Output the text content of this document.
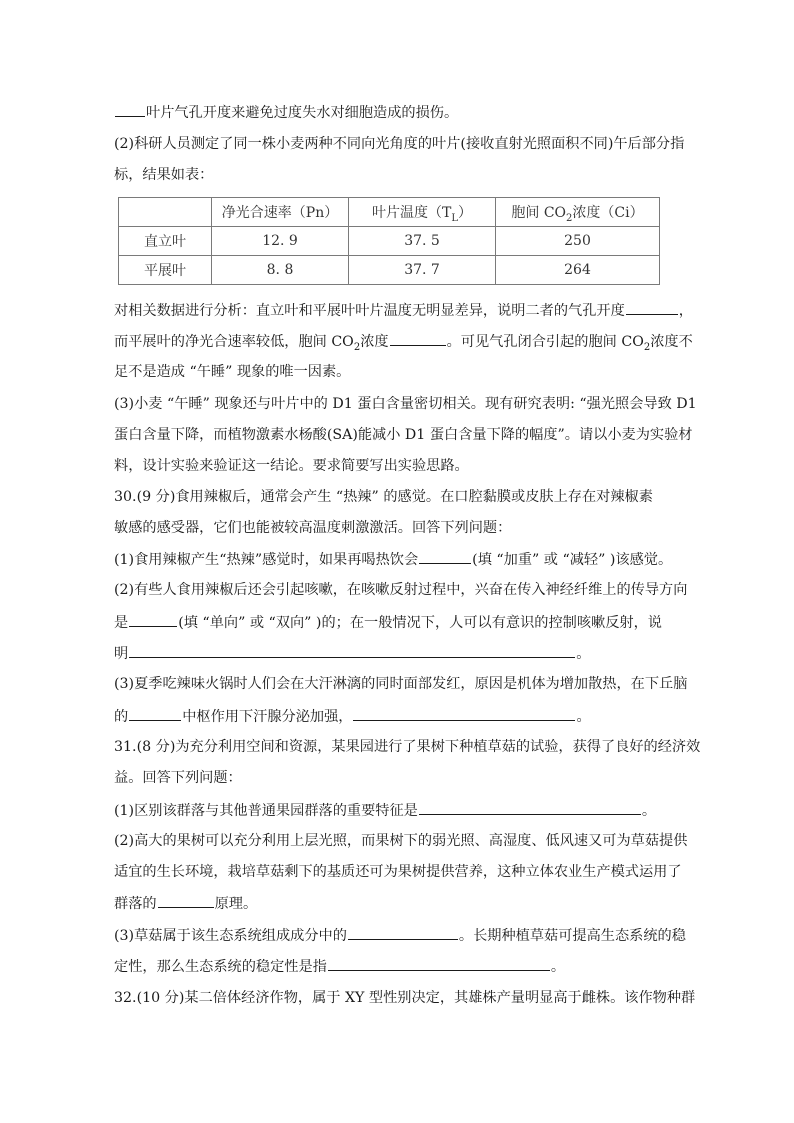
叶片气孔开度来避免过度失水对细胞造成的损伤。
(2)科研人员测定了同一株小麦两种不同向光角度的叶片(接收直射光照面积不同)午后部分指
标，结果如表：
	净光合速率（Pn）	叶片温度$(T_L)$	胞间 $CO_2$浓度（Ci）
直立叶	12. 9	37. 5	250
平展叶	8. 8	37. 7	264
对相关数据进行分析：直立叶和平展叶叶片温度无明显差异，说明二者的气孔开度	，
而平展叶的净光合速率较低，胞间 $CO_2$浓度	。可见气孔闭合引起的胞间 $CO_2$浓度不
足不是造成 “午睡” 现象的唯一因素。
(3)小麦 “午睡” 现象还与叶片中的 D1 蛋白含量密切相关。现有研究表明: “强光照会导致 D1
蛋白含量下降，而植物激素水杨酸(SA)能减小 D1 蛋白含量下降的幅度”。请以小麦为实验材
料，设计实验来验证这一结论。要求简要写出实验思路。
30.(9 分)食用辣椒后，通常会产生 “热辣” 的感觉。在口腔黏膜或皮肤上存在对辣椒素
敏感的感受器，它们也能被较高温度刺激激活。回答下列问题：
(1)食用辣椒产生“热辣”感觉时，如果再喝热饮会	(填 “加重” 或 “减轻” )该感觉。
(2)有些人食用辣椒后还会引起咳嗽，在咳嗽反射过程中，兴奋在传入神经纤维上的传导方向
是	(填 “单向” 或 “双向” )的；在一般情况下，人可以有意识的控制咳嗽反射，说
明	。
(3)夏季吃辣味火锅时人们会在大汗淋漓的同时面部发红，原因是机体为增加散热，在下丘脑
的	中枢作用下汗腺分泌加强，	。
31.(8 分)为充分利用空间和资源，某果园进行了果树下种植草菇的试验，获得了良好的经济效
益。回答下列问题：
(1)区别该群落与其他普通果园群落的重要特征是	。
(2)高大的果树可以充分利用上层光照，而果树下的弱光照、高湿度、低风速又可为草菇提供
适宜的生长环境，栽培草菇剩下的基质还可为果树提供营养，这种立体农业生产模式运用了
群落的	原理。
(3)草菇属于该生态系统组成成分中的	。长期种植草菇可提高生态系统的稳
定性，那么生态系统的稳定性是指	。
32.(10 分)某二倍体经济作物，属于 XY 型性别决定，其雄株产量明显高于雌株。该作物种群
